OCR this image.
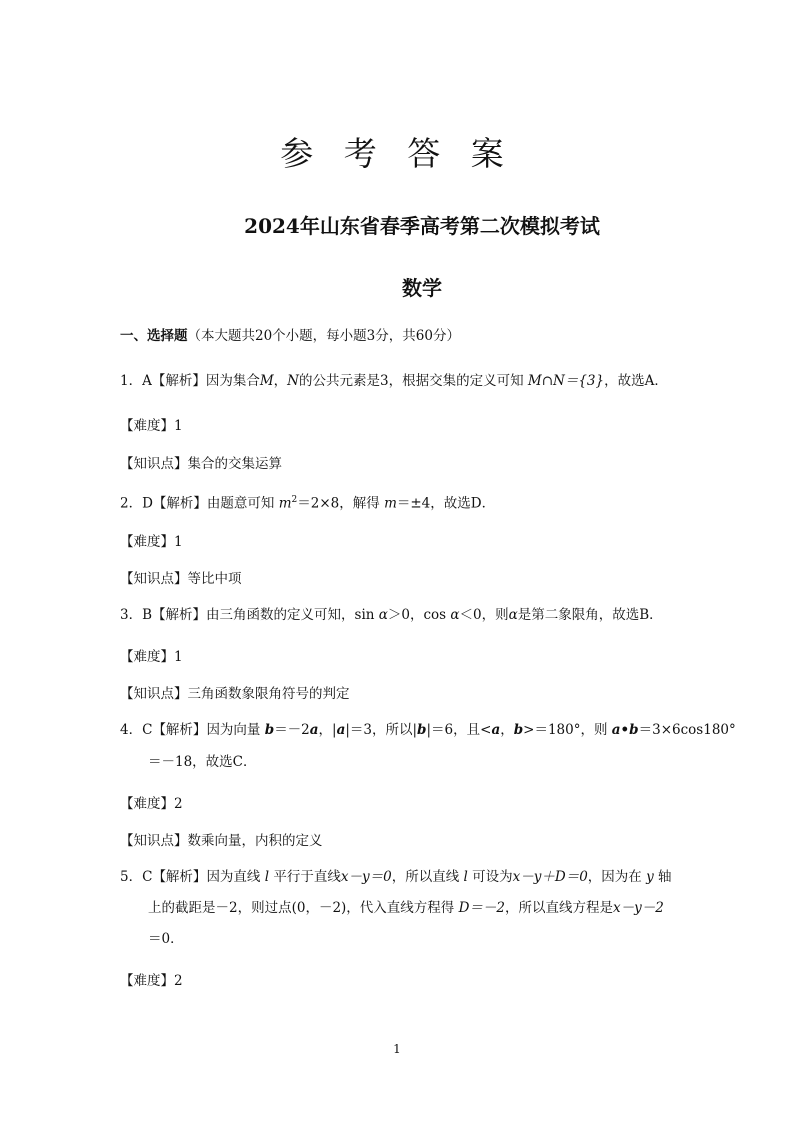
参 考 答 案
2024年山东省春季高考第二次模拟考试
数学
一、选择题（本大题共20个小题，每小题3分，共60分）
1．A【解析】因为集合M，N的公共元素是3，根据交集的定义可知 M∩N＝{3}，故选A．
【难度】1
【知识点】集合的交集运算
2．D【解析】由题意可知 $m^2=2\times 8$，解得 m＝±4，故选D．
【难度】1
【知识点】等比中项
3．B【解析】由三角函数的定义可知，sin α＞0，cos α＜0，则α是第二象限角，故选B．
【难度】1
【知识点】三角函数象限角符号的判定
4．C【解析】因为向量 b＝－2a，|a|＝3，所以|b|＝6，且<a，b>＝180°，则 a•b＝3×6cos180°
＝－18，故选C．
【难度】2
【知识点】数乘向量，内积的定义
5．C【解析】因为直线 l 平行于直线x－y＝0，所以直线 l 可设为x－y＋D＝0，因为在 y 轴
上的截距是－2，则过点(0，－2)，代入直线方程得 D＝－2，所以直线方程是x－y－2
＝0．
【难度】2
1
